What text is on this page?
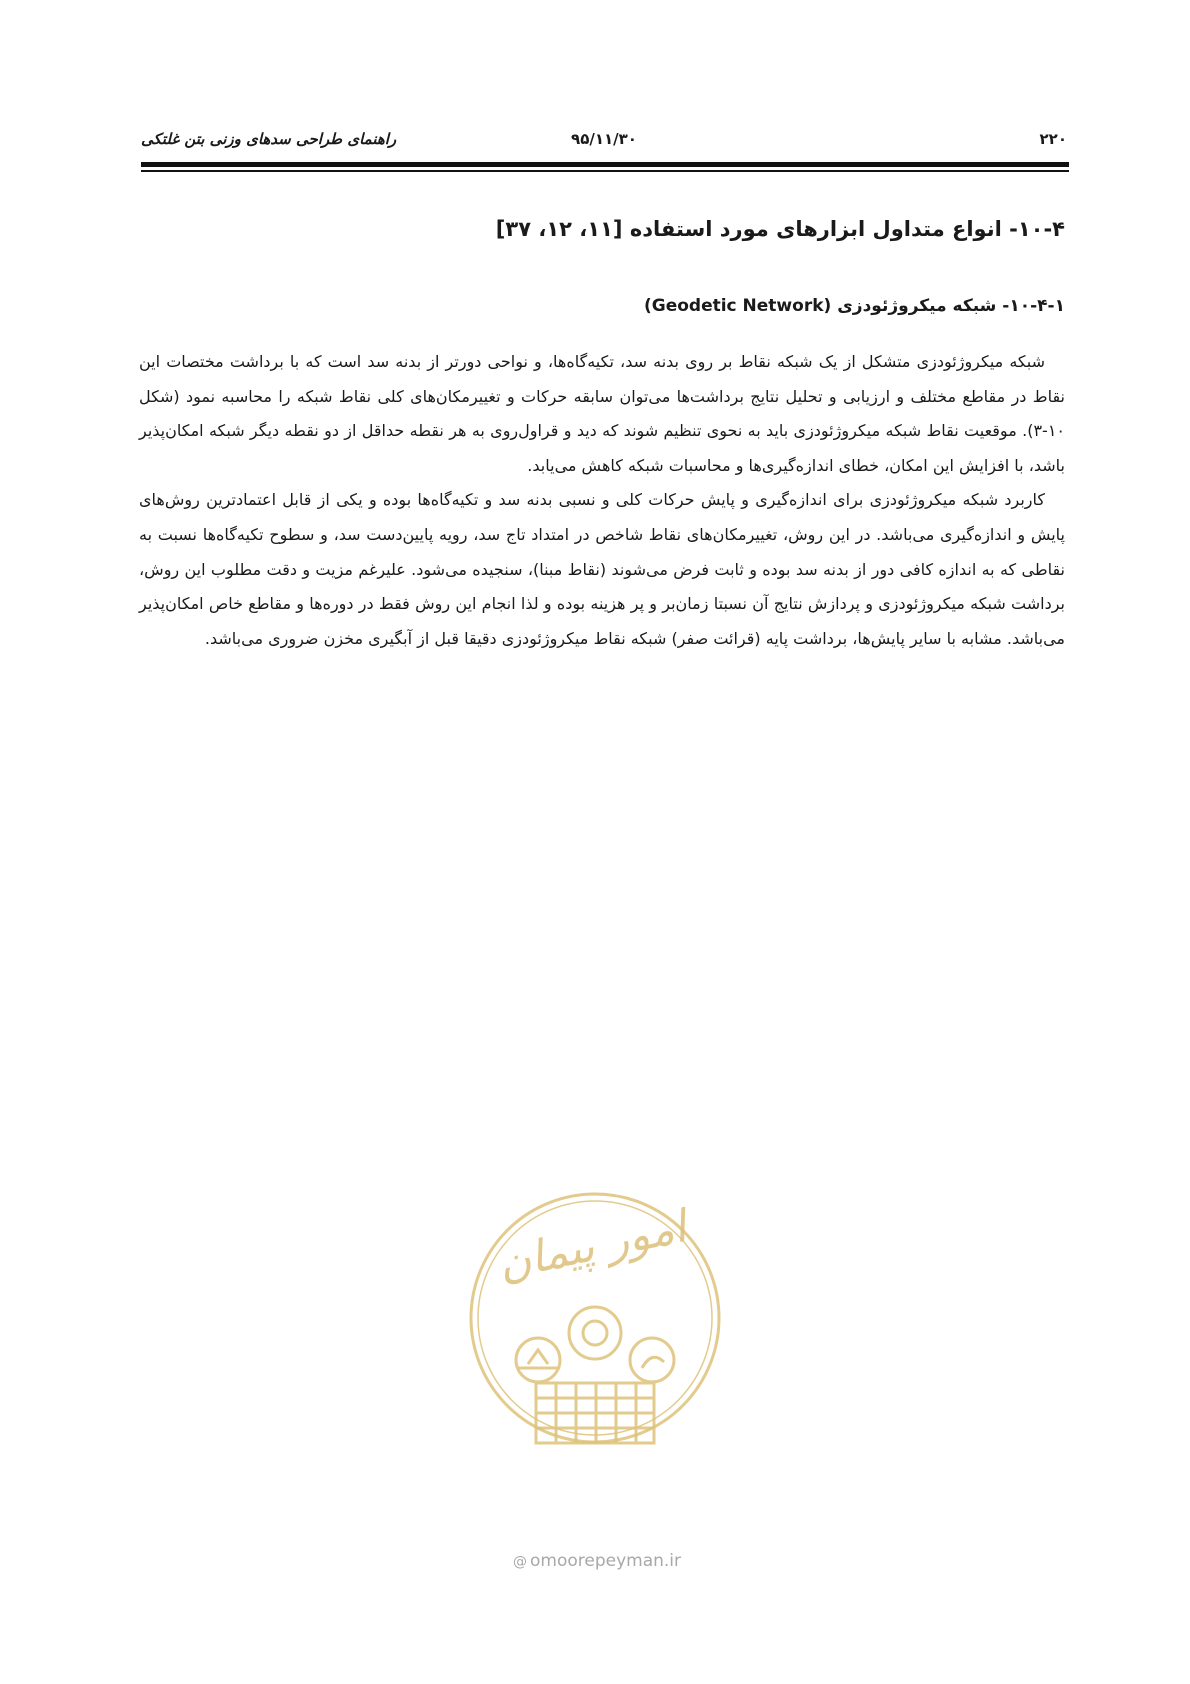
۲۲۰
۹۵/۱۱/۳۰
راهنمای طراحی سدهای وزنی بتن غلتکی
۱۰-۴- انواع متداول ابزارهای مورد استفاده [۱۱، ۱۲، ۳۷]
۱۰-۴-۱- شبکه میکروژئودزی (Geodetic Network)

شبکه میکروژئودزی متشکل از یک شبکه نقاط بر روی بدنه سد، تکیه‌گاه‌ها، و نواحی دورتر از بدنه سد است که با برداشت مختصات این نقاط در مقاطع مختلف و ارزیابی و تحلیل نتایج برداشت‌ها می‌توان سابقه حرکات و تغییرمکان‌های کلی نقاط شبکه را محاسبه نمود (شکل ۱۰-۳). موقعیت نقاط شبکه میکروژئودزی باید به نحوی تنظیم شوند که دید و قراول‌روی به هر نقطه حداقل از دو نقطه دیگر شبکه امکان‌پذیر باشد، با افزایش این امکان، خطای اندازه‌گیری‌ها و محاسبات شبکه کاهش می‌یابد.

کاربرد شبکه میکروژئودزی برای اندازه‌گیری و پایش حرکات کلی و نسبی بدنه سد و تکیه‌گاه‌ها بوده و یکی از قابل اعتمادترین روش‌های پایش و اندازه‌گیری می‌باشد. در این روش، تغییرمکان‌های نقاط شاخص در امتداد تاج سد، رویه پایین‌دست سد، و سطوح تکیه‌گاه‌ها نسبت به نقاطی که به اندازه کافی دور از بدنه سد بوده و ثابت فرض می‌شوند (نقاط مبنا)، سنجیده می‌شود. علیرغم مزیت و دقت مطلوب این روش، برداشت شبکه میکروژئودزی و پردازش نتایج آن نسبتا زمان‌بر و پر هزینه بوده و لذا انجام این روش فقط در دوره‌ها و مقاطع خاص امکان‌پذیر می‌باشد. مشابه با سایر پایش‌ها، برداشت پایه (قرائت صفر) شبکه نقاط میکروژئودزی دقیقا قبل از آبگیری مخزن ضروری می‌باشد.

امور پیمان
@ omoorepeyman.ir
